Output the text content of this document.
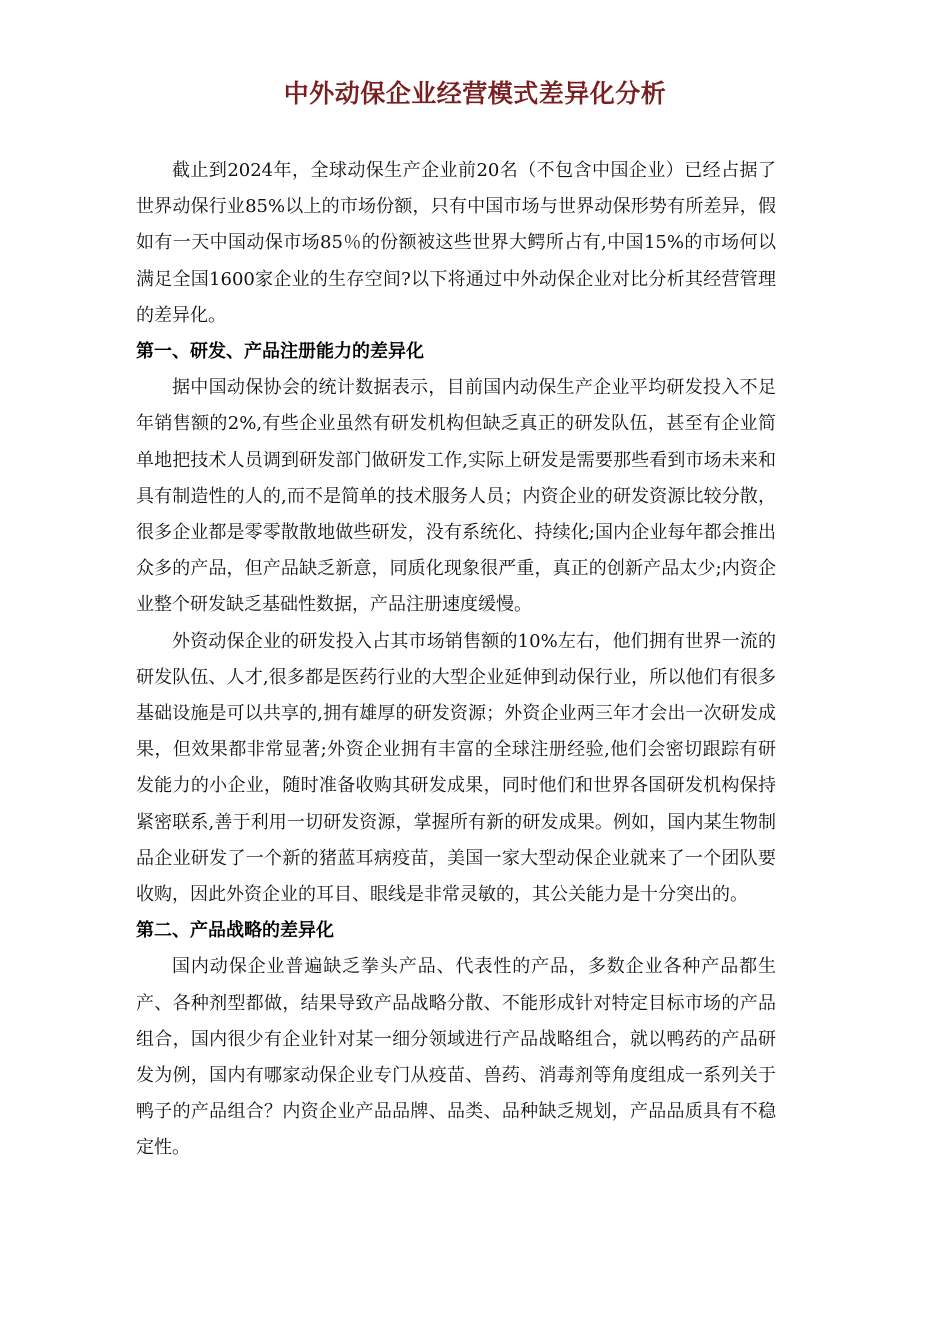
中外动保企业经营模式差异化分析

截止到2024年，全球动保生产企业前20名（不包含中国企业）已经占据了世界动保行业85%以上的市场份额，只有中国市场与世界动保形势有所差异，假如有一天中国动保市场85％的份额被这些世界大鳄所占有,中国15%的市场何以满足全国1600家企业的生存空间?以下将通过中外动保企业对比分析其经营管理的差异化。

第一、研发、产品注册能力的差异化

据中国动保协会的统计数据表示，目前国内动保生产企业平均研发投入不足年销售额的2%,有些企业虽然有研发机构但缺乏真正的研发队伍，甚至有企业简单地把技术人员调到研发部门做研发工作,实际上研发是需要那些看到市场未来和具有制造性的人的,而不是简单的技术服务人员；内资企业的研发资源比较分散，很多企业都是零零散散地做些研发，没有系统化、持续化;国内企业每年都会推出众多的产品，但产品缺乏新意，同质化现象很严重，真正的创新产品太少;内资企业整个研发缺乏基础性数据，产品注册速度缓慢。

外资动保企业的研发投入占其市场销售额的10%左右，他们拥有世界一流的研发队伍、人才,很多都是医药行业的大型企业延伸到动保行业，所以他们有很多基础设施是可以共享的,拥有雄厚的研发资源；外资企业两三年才会出一次研发成果，但效果都非常显著;外资企业拥有丰富的全球注册经验,他们会密切跟踪有研发能力的小企业，随时准备收购其研发成果，同时他们和世界各国研发机构保持紧密联系,善于利用一切研发资源，掌握所有新的研发成果。例如，国内某生物制品企业研发了一个新的猪蓝耳病疫苗，美国一家大型动保企业就来了一个团队要收购，因此外资企业的耳目、眼线是非常灵敏的，其公关能力是十分突出的。

第二、产品战略的差异化

国内动保企业普遍缺乏拳头产品、代表性的产品，多数企业各种产品都生产、各种剂型都做，结果导致产品战略分散、不能形成针对特定目标市场的产品组合，国内很少有企业针对某一细分领域进行产品战略组合，就以鸭药的产品研发为例，国内有哪家动保企业专门从疫苗、兽药、消毒剂等角度组成一系列关于鸭子的产品组合？内资企业产品品牌、品类、品种缺乏规划，产品品质具有不稳定性。
